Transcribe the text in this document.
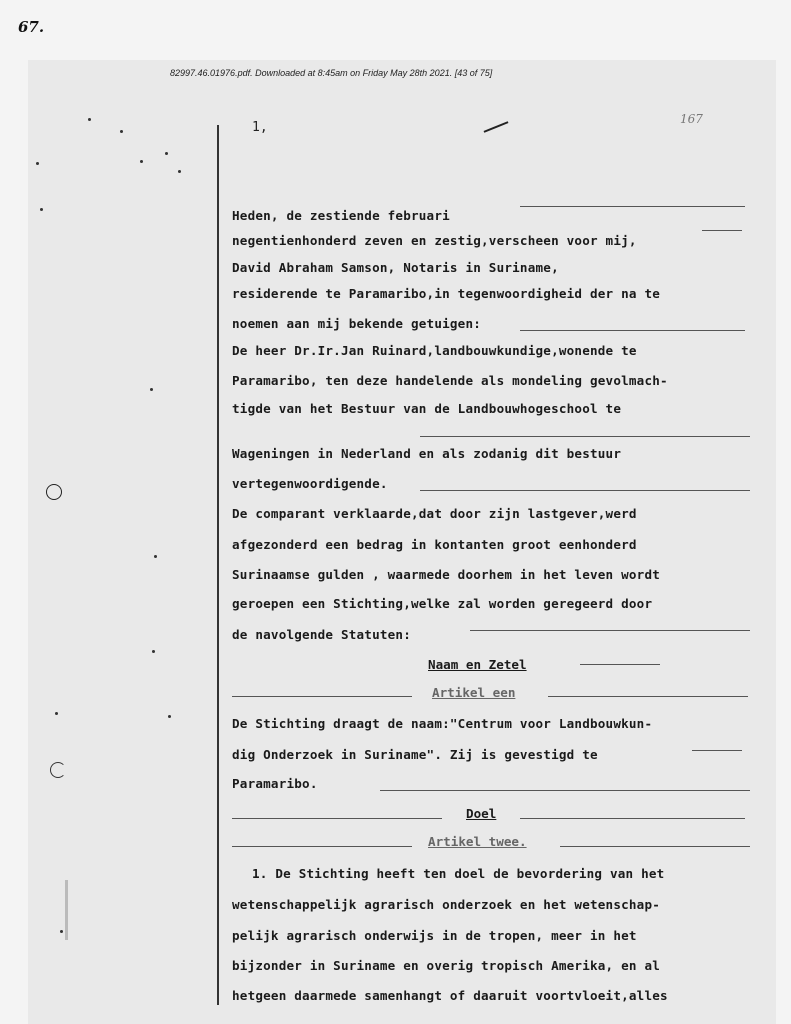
67.
82997.46.01976.pdf. Downloaded at 8:45am on Friday May 28th 2021. [43 of 75]
167
1,
Heden, de zestiende februari
negentienhonderd zeven en zestig,verscheen voor mij,
David Abraham Samson, Notaris in Suriname,
residerende te Paramaribo,in tegenwoordigheid der na te
noemen aan mij bekende getuigen:
De heer Dr.Ir.Jan Ruinard,landbouwkundige,wonende te
Paramaribo, ten deze handelende als mondeling gevolmach-
tigde van het Bestuur van de Landbouwhogeschool te
Wageningen in Nederland en als zodanig dit bestuur
vertegenwoordigende.
De comparant verklaarde,dat door zijn lastgever,werd
afgezonderd een bedrag in kontanten groot eenhonderd
Surinaamse gulden , waarmede doorhem in het leven wordt
geroepen een Stichting,welke zal worden geregeerd door
de navolgende Statuten:
Naam en Zetel
Artikel een
De Stichting draagt de naam:"Centrum voor Landbouwkun-
dig Onderzoek in Suriname". Zij is gevestigd te
Paramaribo.
Doel
Artikel twee.
1. De Stichting heeft ten doel de bevordering van het
wetenschappelijk agrarisch onderzoek en het wetenschap-
pelijk agrarisch onderwijs in de tropen, meer in het
bijzonder in Suriname en overig tropisch Amerika, en al
hetgeen daarmede samenhangt of daaruit voortvloeit,alles
